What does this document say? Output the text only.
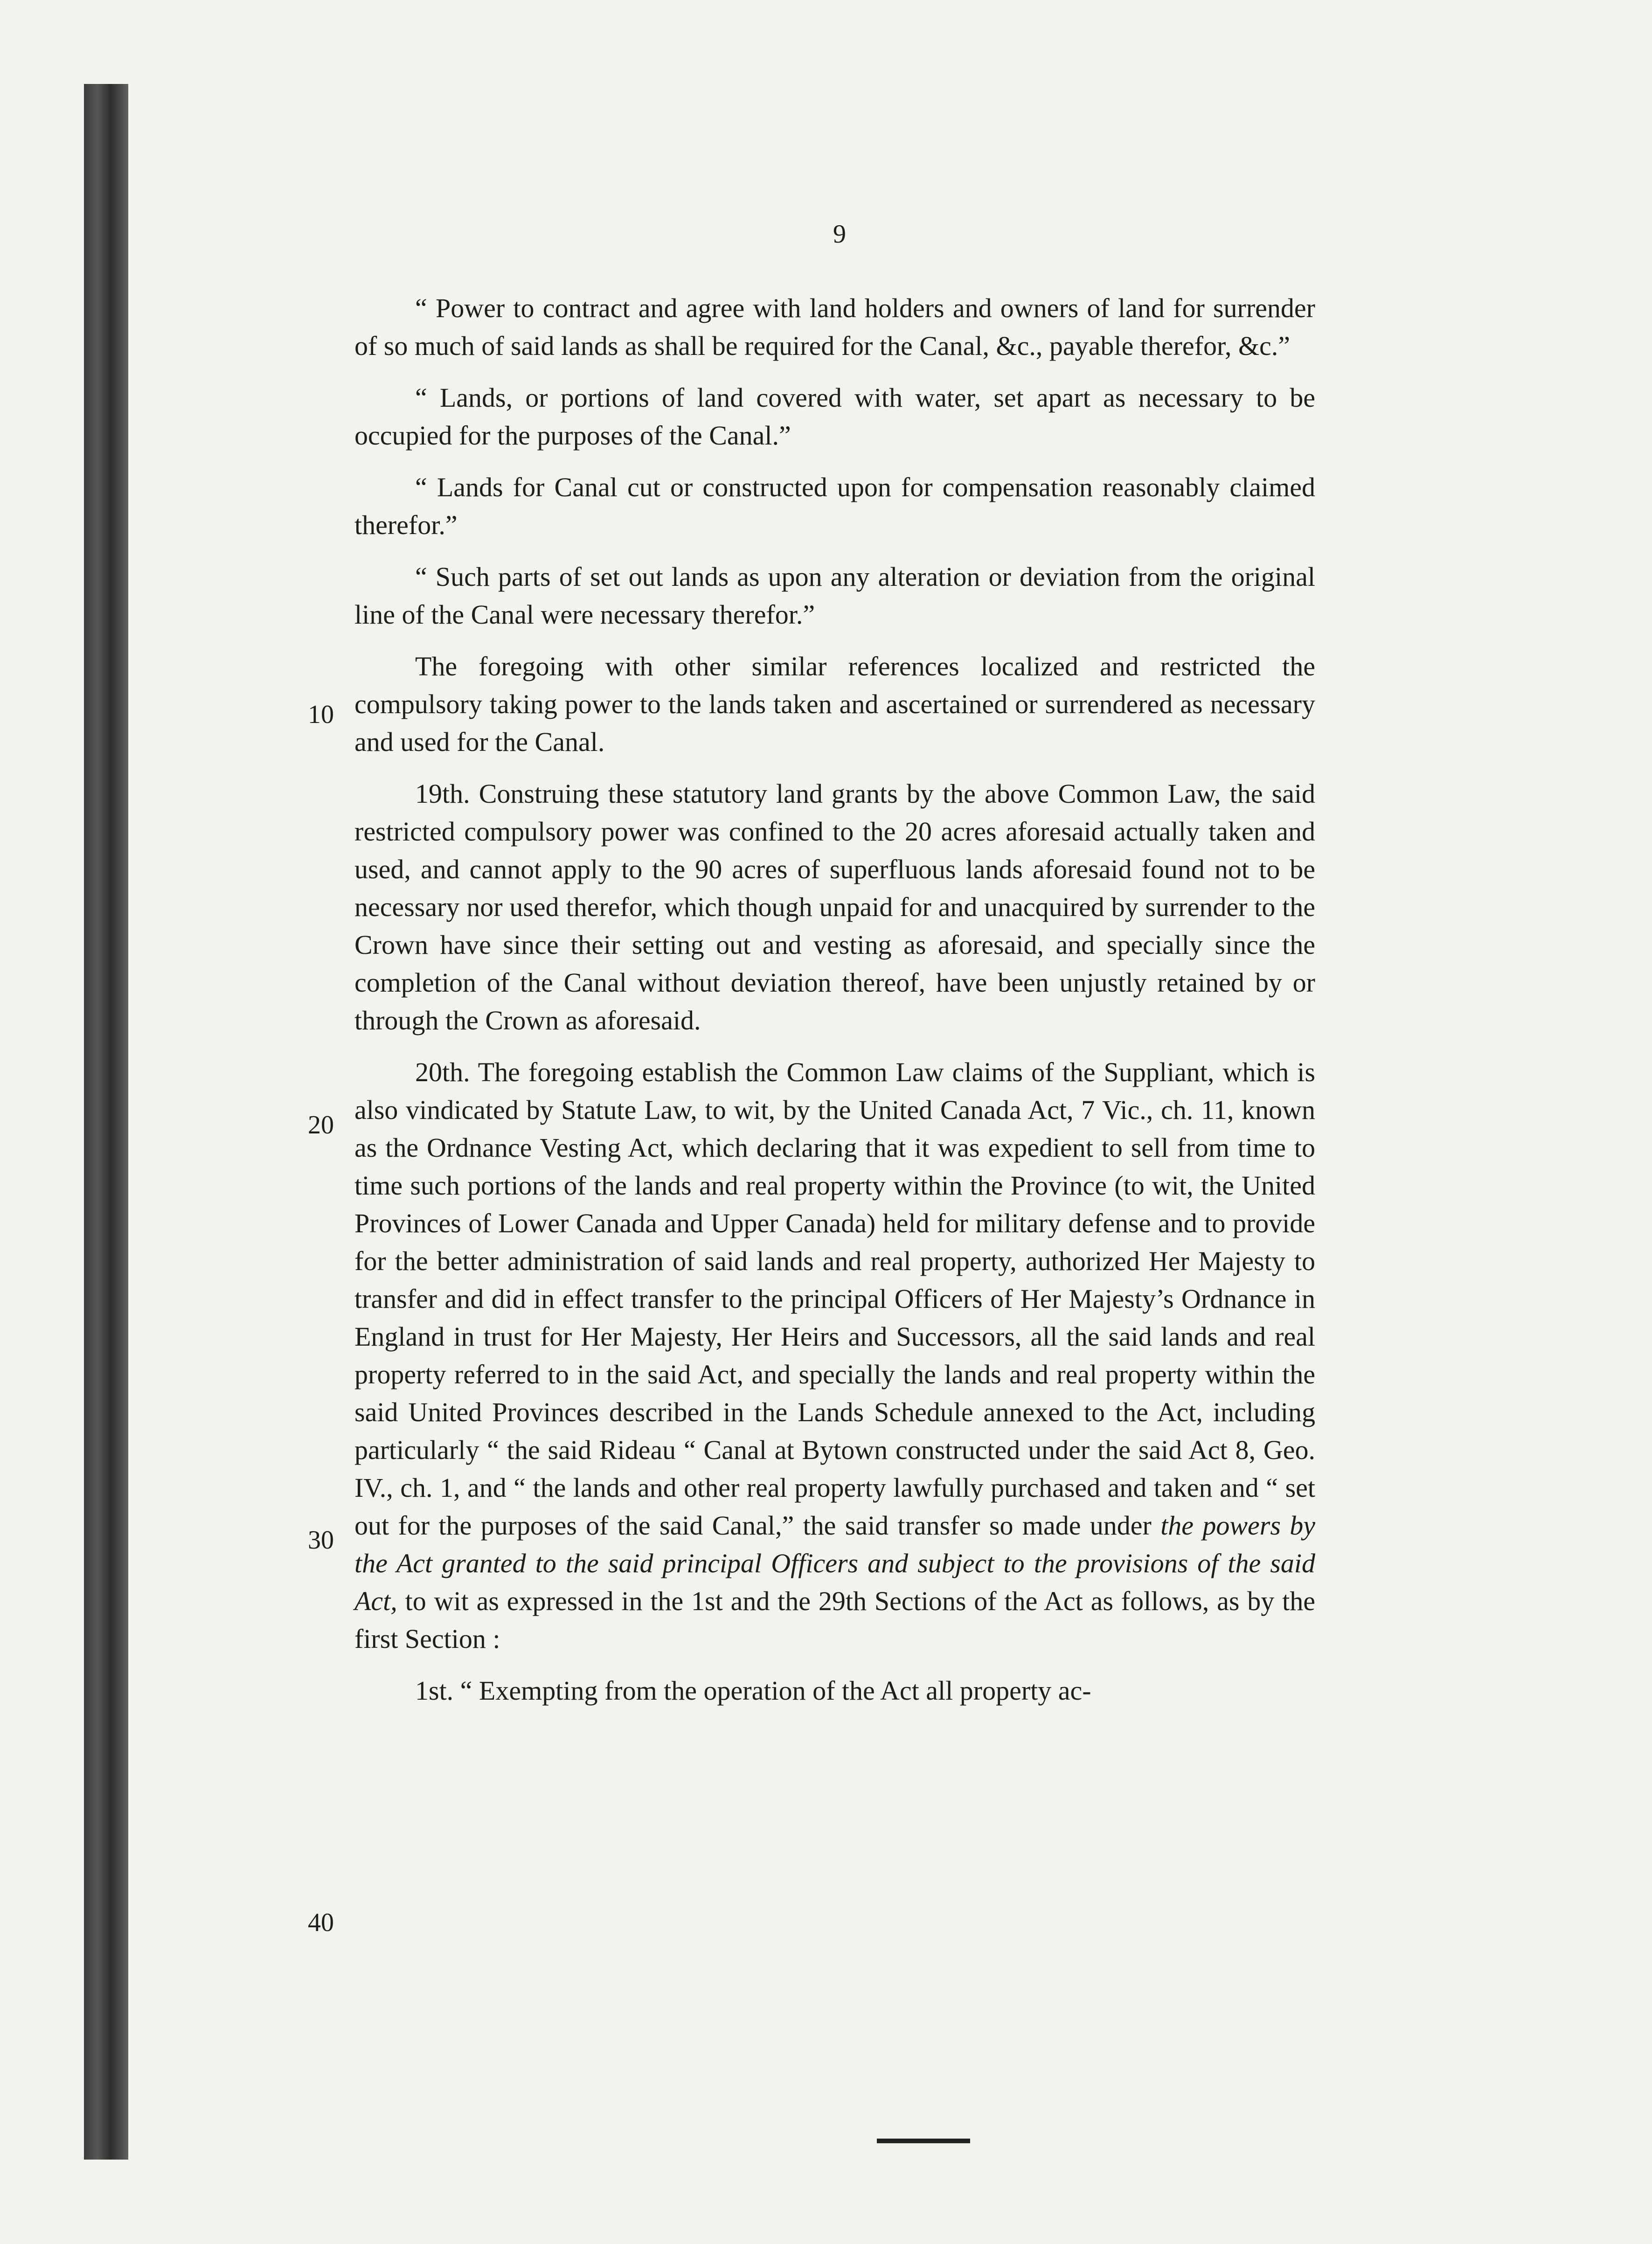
9

“ Power to contract and agree with land holders and owners of land for surrender of so much of said lands as shall be required for the Canal, &c., payable therefor, &c.”

“ Lands, or portions of land covered with water, set apart as necessary to be occupied for the purposes of the Canal.”

“ Lands for Canal cut or constructed upon for compensation reasonably claimed therefor.”

“ Such parts of set out lands as upon any alteration or deviation from the original line of the Canal were necessary therefor.”

The foregoing with other similar references localized and restricted the compulsory taking power to the lands taken and ascertained or surrendered as necessary and used for the Canal.

19th. Construing these statutory land grants by the above Common Law, the said restricted compulsory power was confined to the 20 acres aforesaid actually taken and used, and cannot apply to the 90 acres of superfluous lands aforesaid found not to be necessary nor used therefor, which though unpaid for and unacquired by surrender to the Crown have since their setting out and vesting as aforesaid, and specially since the completion of the Canal without deviation thereof, have been unjustly retained by or through the Crown as aforesaid.

20th. The foregoing establish the Common Law claims of the Suppliant, which is also vindicated by Statute Law, to wit, by the United Canada Act, 7 Vic., ch. 11, known as the Ordnance Vesting Act, which declaring that it was expedient to sell from time to time such portions of the lands and real property within the Province (to wit, the United Provinces of Lower Canada and Upper Canada) held for military defense and to provide for the better administration of said lands and real property, authorized Her Majesty to transfer and did in effect transfer to the principal Officers of Her Majesty’s Ordnance in England in trust for Her Majesty, Her Heirs and Successors, all the said lands and real property referred to in the said Act, and specially the lands and real property within the said United Provinces described in the Lands Schedule annexed to the Act, including particularly “ the said Rideau “ Canal at Bytown constructed under the said Act 8, Geo. IV., ch. 1, and “ the lands and other real property lawfully purchased and taken and “ set out for the purposes of the said Canal,” the said transfer so made under the powers by the Act granted to the said principal Officers and subject to the provisions of the said Act, to wit as expressed in the 1st and the 29th Sections of the Act as follows, as by the first Section :

1st. “ Exempting from the operation of the Act all property ac-

10
20
30
40
